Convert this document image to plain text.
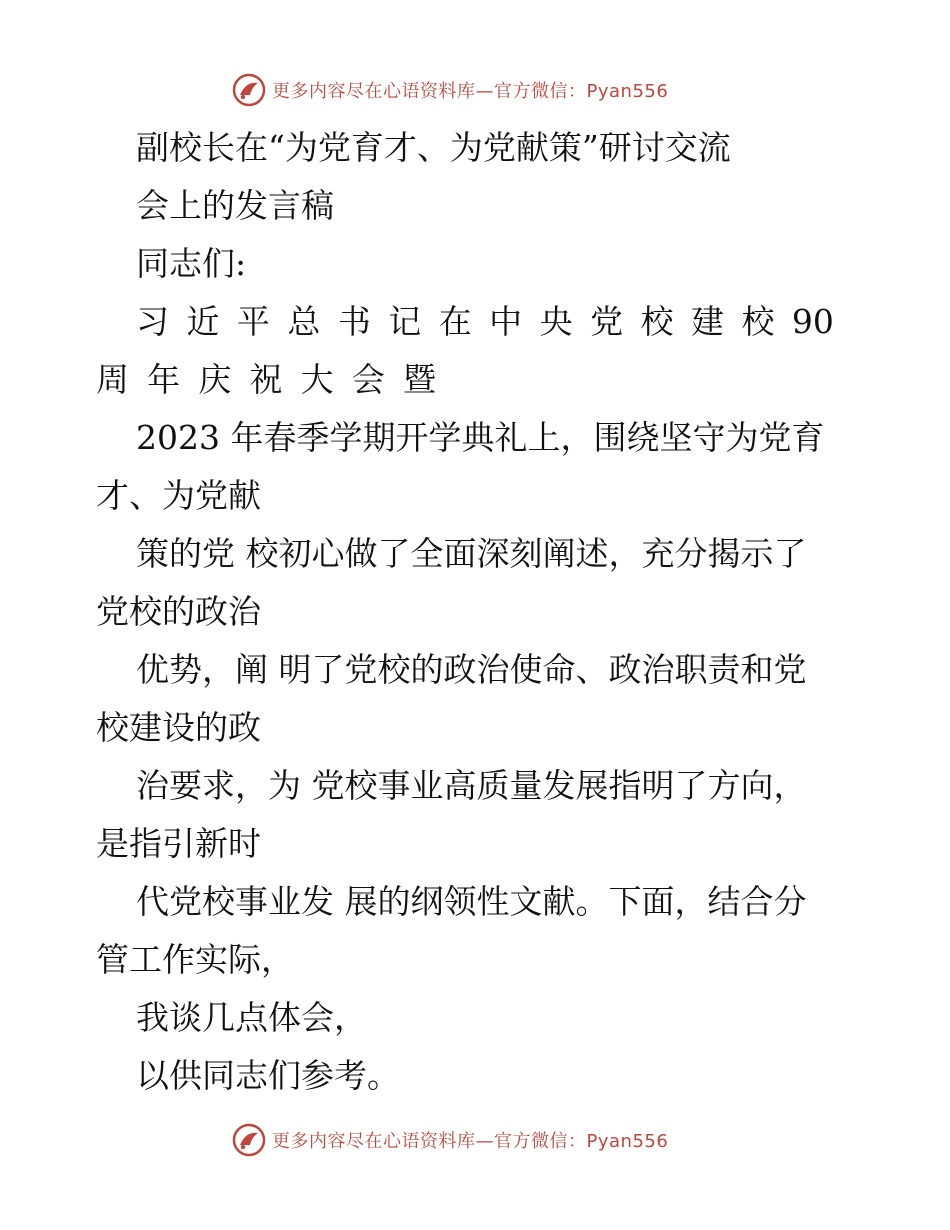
更多内容尽在心语资料库—官方微信：Pyan556
副校长在“为党育才、为党献策”研讨交流
会上的发言稿
同志们:
习 近 平 总 书 记 在 中 央 党 校 建 校 90
周 年 庆 祝 大 会 暨
2023 年春季学期开学典礼上，围绕坚守为党育
才、为党献
策的党 校初心做了全面深刻阐述，充分揭示了
党校的政治
优势，阐 明了党校的政治使命、政治职责和党
校建设的政
治要求，为 党校事业高质量发展指明了方向，
是指引新时
代党校事业发 展的纲领性文献。下面，结合分
管工作实际，
我谈几点体会，
以供同志们参考。
更多内容尽在心语资料库—官方微信：Pyan556
